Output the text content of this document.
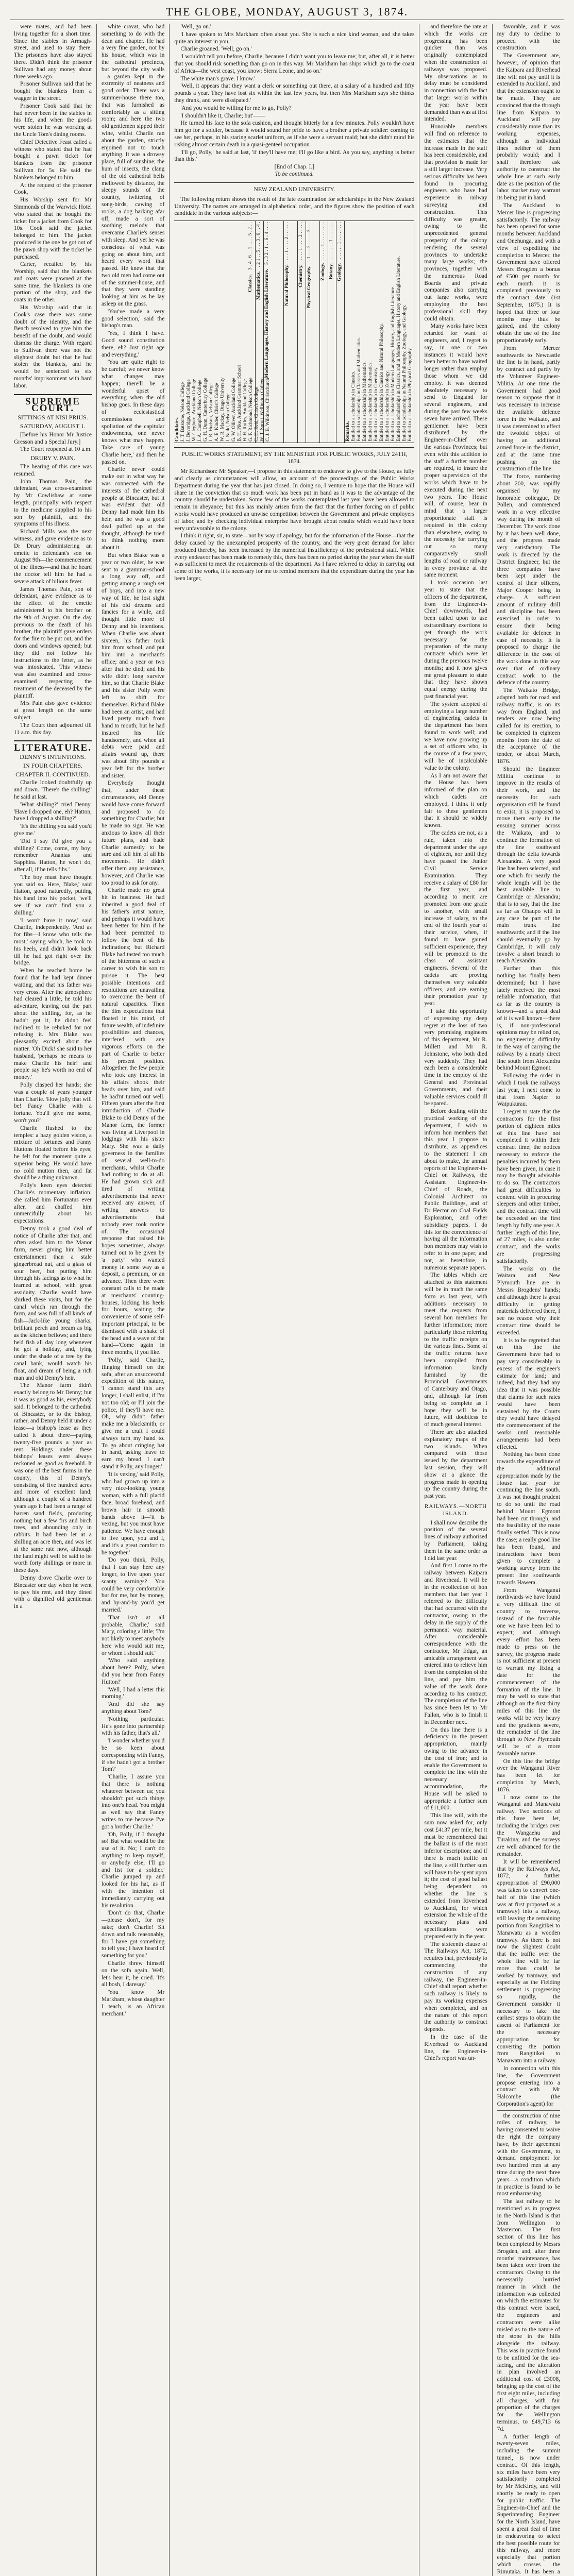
THE GLOBE, MONDAY, AUGUST 3, 1874.

were mates, and had been living together for a short time. Since the stables in Armagh-street, and used to stay there. The prisoners have also stayed there. Didn't think the prisoner Sullivan had any money about three weeks ago.

Prisoner Sullivan said that he bought the blankets from a wagger in the street.

Prisoner Cook said that he had never been in the stables in his life, and when the goods were stolen he was working at the Uncle Tom's dining rooms.

Chief Detective Feast called a witness who stated that he had bought a pawn ticket for blankets from the prisoner Sullivan for 5s. He said the blankets belonged to him.

At the request of the prisoner Cook,

His Worship sent for Mr Simmonds of the Warwick Hotel who stated that he bought the ticket for a jacket from Cook for 10s. Cook said the jacket belonged to him. The jacket produced is the one he got out of the pawn shop with the ticket he purchased.

Carter, recalled by his Worship, said that the blankets and coats were pawned at the same time, the blankets in one portion of the shop, and the coats in the other.

His Worship said that in Cook's case there was some doubt of the identity, and the Bench resolved to give him the benefit of the doubt, and would dismiss the charge. With regard to Sullivan there was not the slightest doubt but that he had stolen the blankets, and he would be sentenced to six months' imprisonment with hard labor.

SUPREME COURT.
SITTINGS AT NISI PRIUS.
SATURDAY, AUGUST 1.

[Before his Honor Mr Justice Gresson and a Special Jury.]

The Court reopened at 10 a.m.

DRURY V. PAIN.

The hearing of this case was resumed.

John Thomas Pain, the defendant, was cross-examined by Mr Cowlishaw at some length, principally with respect to the medicine supplied to his son by plaintiff, and the symptoms of his illness.

Richard Mills was the next witness, and gave evidence as to Dr Drury administering an emetic to defendant's son on August 9th—the commencement of the illness—and that he heard the doctor tell him he had a severe attack of bilious fever.

James Thomas Pain, son of defendant, gave evidence as to the effect of the emetic administered to his brother on the 9th of August. On the day previous to the death of his brother, the plaintiff gave orders for the fire to be put out, and the doors and windows opened; but they did not follow his instructions to the letter, as he was intoxicated. This witness was also examined and cross-examined respecting the treatment of the deceased by the plaintiff.

Mrs Pain also gave evidence at great length on the same subject.

The Court then adjourned till 11 a.m. this day.

LITERATURE.
DENNY'S INTENTIONS.
IN FOUR CHAPTERS.
CHAPTER II. CONTINUED.

Charlie looked doubtfully up and down. 'There's the shilling!' he said at last.

'What shilling?' cried Denny. 'Have I dropped one, eh? Hatton, have I dropped a shilling?'

'It's the shilling you said you'd give me.'

'Did I say I'd give you a shilling? Come, come, my boy; remember Ananias and Sapphira. Hatton, he won't do, after all, if he tells fibs.'

'The boy must have thought you said so. Here, Blake,' said Hatton, good naturedly, putting his hand into his pocket, 'we'll see if we can't find you a shilling.'

'I won't have it now,' said Charlie, independently. 'And as for fibs—I know who tells the most,' saying which, he took to his heels, and didn't look back till he had got right over the bridge.

When he reached home he found that he had kept dinner waiting, and that his father was very cross. After the atmosphere had cleared a little, he told his adventure, leaving out the part about the shilling, for, as he hadn't got it, he didn't feel inclined to be rebuked for not refusing it. Mrs Blake was pleasantly excited about the matter. 'Oh Dick! she said to her husband, 'perhaps he means to make Charlie his heir! and people say he's worth no end of money.'

Polly clasped her hands; she was a couple of years younger than Charlie. 'How jolly that will be! Fancy Charlie with a fortune. You'll give me some, won't you?'

Charlie flushed to the temples: a hazy golden vision, a mixture of fortunes and Fanny Huttons floated before his eyes; he felt for the moment quite a superior being. He would have no cold mutton then, and fat should be a thing unknown.

Polly's keen eyes detected Charlie's momentary inflation; she called him Fortunatus ever after, and chaffed him unmercifully about his expectations.

Denny took a good deal of notice of Charlie after that, and often asked him to the Manor farm, never giving him better entertainment than a stale gingerbread nut, and a glass of sour beer, but putting him through his facings as to what he learned at school, with great assiduity. Charlie would have shirked these visits, but for the canal which ran through the farm, and was full of all kinds of fish—Jack-like young sharks, brilliant perch and bream as big as the kitchen bellows; and there he'd fish all day long whenever he got a holiday, and, lying under the shade of a tree by the canal bank, would watch his float, and dream of being a rich man and old Denny's heir.

The Manor farm didn't exactly belong to Mr Denny; but it was as good as his, everybody said. It belonged to the cathedral of Bincaster, or to the bishop, rather, and Denny held it under a lease—a bishop's lease as they called it about there—paying twenty-five pounds a year as rent. Holdings under these bishops' leases were always reckoned as good as freehold. It was one of the best farms in the county, this of Denny's, consisting of five hundred acres and more of excellent land; although a couple of a hundred years ago it had been a range of barren sand fields, producing nothing but a few firs and birch trees, and abounding only in rabbits. It had been let at a shilling an acre then, and was let at the same rate now, although the land might well be said to be worth forty shillings or more in these days.

Denny drove Charlie over to Bincaster one day when he went to pay his rent, and they dined with a dignified old gentleman in a

white cravat, who had something to do with the dean and chapter. He had a very fine garden, not by his house, which was in the cathedral precincts, but beyond the city walls—a garden kept in the extremity of neatness and good order. There was a summer-house there too, that was furnished as comfortably as a sitting room; and here the two old gentlemen sipped their wine, whilst Charlie ran about the garden, strictly enjoined not to touch anything. It was a drowsy place, full of sunshine; the hum of insects, the clang of the old cathedral bells mellowed by distance, the sleepy sounds of the country, twittering of song-birds, cawing of rooks, a dog barking afar off, made a sort of soothing melody that overcame Charlie's senses with sleep. And yet he was conscious of what was going on about him, and heard every word that passed. He knew that the two old men had come out of the summer-house, and that they were standing looking at him as he lay asleep on the grass.

'You've made a very good selection,' said the bishop's man.

'Yes, I think I have. Good sound constitution there, eh? Just right age and everything.'

'You are quite right to be careful; we never know what changes may happen; there'll be a wonderful upset of everything when the old bishop goes. In these days of ecclesiastical commissions and spoliation of the capitular endowments, one never knows what may happen. Take care of young Charlie here,' and then he passed on.

Charlie never could make out in what way he was connected with the interests of the cathedral people at Bincaster, but it was evident that old Denny had made him his heir, and he was a good deal puffed up at the thought, although he tried to think nothing more about it.

But when Blake was a year or two older, he was sent to a grammar-school a long way off, and getting among a rough set of boys, and into a new way of life, he lost sight of his old dreams and fancies for a while, and thought little more of Denny and his intentions. When Charlie was about sixteen, his father took him from school, and put him into a merchant's office; and a year or two after that he died; and his wife didn't long survive him, so that Charlie Blake and his sister Polly were left to shift for themselves. Richard Blake had been an artist, and had lived pretty much from hand to mouth; but he had insured his life handsomely, and when all debts were paid and affairs wound up, there was about fifty pounds a year left for the brother and sister.

Everybody thought that, under these circumstances, old Denny would have come forward and proposed to do something for Charlie; but he made no sign. He was anxious to know all their future plans, and bade Charlie earnestly to be sure and tell him of all his movements. He didn't offer them any assistance, however, and Charlie was too proud to ask for any.

Charlie made no great hit in business. He had inherited a good deal of his father's artist nature, and perhaps it would have been better for him if he had been permitted to follow the bent of his inclinations; but Richard Blake had tasted too much of the bitterness of such a career to wish his son to pursue it. The best possible intentions and resolutions are unavailing to overcome the bent of natural capacities. Then the dim expectations that floated in his mind, of future wealth, of indefinite possibilities and chances, interfered with any vigorous efforts on the part of Charlie to better his present position. Altogether, the few people who took any interest in his affairs shook their heads over him, and said he had'nt turned out well. Fifteen years after the first introduction of Charlie Blake to old Denny of the Manor farm, the former was living at Liverpool in lodgings with his sister Mary. She was a daily governess in the families of several well-to-do merchants, whilst Charlie had nothing to do at all. He had grown sick and tired of writing advertisements that never received any answer, of writing answers to advertisements that nobody ever took notice of. The occasional response that raised his hopes sometimes, always turned out to be given by 'a party' who wanted money in some way as a deposit, a premium, or an advance. Then there were constant calls to be made at merchants' counting-houses, kicking his heels for hours, waiting the convenience of some self-important principal, to be dismissed with a shake of the head and a wave of the hand—'Come again in three months, if you like.'

'Polly,' said Charlie, flinging himself on the sofa, after an unsuccessful expedition of this nature, 'I cannot stand this any longer, I shall enlist, if I'm not too old; or I'll join the police, if they'll have me. Oh, why didn't father make me a blacksmith, or give me a craft I could always turn my hand to. To go about cringing hat in hand, asking leave to earn my bread. I can't stand it Polly, any longer.'

'It is vexing,' said Polly, who had grown up into a very nice-looking young woman, with a full placid face, broad forehead, and brown hair in smooth bands above it—'it is vexing, but you must have patience. We have enough to live upon, you and I, and it's a great comfort to be together.'

'Do you think, Polly, that I can stay here any longer, to live upon your scanty earnings? You could be very comfortable but for me, but by money, and by-and-by you'd get married.'

'That isn't at all probable, Charlie,' said Mary, coloring a little; 'I'm not likely to meet anybody here who would suit me, or whom I should suit.'

'Who said anything about here? Polly, when did you hear from Fanny Hutton?'

'Well, I had a letter this morning.'

'And did she say anything about Tom?'

'Nothing particular. He's gone into partnership with his father, that's all.'

'I wonder whether you'd be so keen about corresponding with Fanny, if she hadn't got a brother Tom?'

'Charlie, I assure you that there is nothing whatever between us; you shouldn't put such things into one's head. You might as well say that Fanny writes to me because I've got a brother Charlie.'

'Oh, Polly, if I thought so! But what would be the use of it. No; I can't do anything to keep myself, or anybody else; I'll go and list for a soldier.' Charlie jumped up and looked for his hat, as if with the intention of immediately carrying out his resolution.

'Don't do that, Charlie—please don't, for my sake; don't Charlie! Sit down and talk reasonably, for I have got something to tell you; I have heard of something for you.'

Charlie threw himself on the sofa again. Well, let's hear it, he cried. 'It's all bosh, I daresay.'

'You know Mr Markham, whose daughter I teach, is an African merchant.'

'Well, go on.'

'I have spoken to Mrs Markham often about you. She is such a nice kind woman, and she takes quite an interest in you.'

Charlie groaned. 'Well, go on.'

'I wouldn't tell you before, Charlie, because I didn't want you to leave me; but, after all, it is better that you should risk something than go on in this way. Mr Markham has ships which go to the coast of Africa—the west coast, you know; Sierra Leone, and so on.'

The white man's grave. I know.'

'Well, it appears that they want a clerk or something out there, at a salary of a hundred and fifty pounds a year. They have lost six within the last few years, but then Mrs Markham says she thinks they drank, and were dissipated.'

'And you would be willing for me to go, Polly?'

'I shouldn't like it, Charlie; but'——

He turned his face to the sofa cushion, and thought bitterly for a few minutes. Polly wouldn't have him go for a soldier, because it would sound her pride to have a brother a private soldier: coming to see her, perhaps, in his staring scarlet uniform, as if she were a servant maid; but she didn't mind his risking almost certain death in a quasi-genteel occupation.

'I'll go, Polly,' he said at last, 'if they'll have me; I'll go like a bird. As you say, anything is better than this.'

[End of Chap. I.]
To be continued.
NEW ZEALAND UNIVERSITY.

The following return shows the result of the late examination for scholarships in the New Zealand University. The names are arranged in alphabetical order, and the figures show the position of each candidate in the various subjects:—

Candidates. J. T. Batstone, Nelson College J. Beveridge, Auckland College M. Cleghorn, Auckland College J. A. Campbell, Nelson College G. H. Dunn, Canterbury College J. B. Hudson, Nelson College A. E. Kinder, Christ's College W. R. Mackay, Otago University J. Neild, Nelson College G. W. Olliver, Auckland College B. H. Pike, Auckland Grammar School H. H. Rutley, Auckland College G. F. Richmond, Nelson College C. H. Reid, Christ's College W. T. Sprott, Wellington College C. J. B. Wilkinson, Christchurch
Classics. 3 . 4 . 6 . . 1 . . . . 5 . 2 . .
Mathematics. . 2 1 . . 5 . . . 3 . 6 . . 4 .
Modern Languages, History and English Literature. 5 . 3 2 . 1 . . 6 . 4 . . . .
Natural Philosophy. . . . 1 . . . . 2 . . . . . .
Chemistry. . . . . 1 . . . . 2 . . . . .
Physical Geography. . 1 . . . 2 . . . . . 3 . . .
Zoology. . . . . . 1 . . . . . . . . .
Botany. . . . . . . . 1 . . . . . . .
Geology. . . . . . . 1 . . . . . . . .
Remarks. Entitled to a scholarship in Classics. Entitled to scholarships in Classics and Mathematics. Entitled to a scholarship in Mathematics. Entitled to a scholarship in Mathematics. Entitled to a scholarship in Chemistry. Entitled to a scholarship in Classics and Natural Philosophy. Entitled to a scholarship in Zoology. Entitled to a scholarship in Modern Languages, History, and English Literature. Entitled to scholarships in Classics, and in Modern Languages, History and English Literature. Entitled to scholarships in Natural Philosophy, Zoology, and Geology. Entitled to a scholarship in Physical Geography.
PUBLIC WORKS STATEMENT, BY THE MINISTER FOR PUBLIC WORKS, JULY 24TH, 1874.

Mr Richardson: Mr Speaker,—I propose in this statement to endeavor to give to the House, as fully and clearly as circumstances will allow, an account of the proceedings of the Public Works Department during the year that has just closed. In doing so, I venture to hope that the House will share in the conviction that so much work has been put in hand as it was to the advantage of the country should be undertaken. Some few of the works contemplated last year have been allowed to remain in abeyance; but this has mainly arisen from the fact that the further forcing on of public works would have produced an unwise competition between the Government and private employers of labor, and by checking individual enterprise have brought about results which would have been very unfavorable to the colony.

I think it right, sir, to state—not by way of apology, but for the information of the House—that the delay caused by the unexampled prosperity of the country, and the very great demand for labor produced thereby, has been increased by the numerical insufficiency of the professional staff. While every endeavor has been made to remedy this, there has been no period during the year when the staff was sufficient to meet the requirements of the department. As I have referred to delay in carrying out some of the works, it is necessary for me to remind members that the expenditure during the year has been larger,

and therefore the rate at which the works are progressing has been quicker than was originally contemplated when the construction of railways was proposed. My observations as to delay must be considered in connection with the fact that larger works within the year have been demanded than was at first intended.

Honorable members will find on reference to the estimates that the increase made in the staff has been considerable, and that provision is made for a still larger increase. Very serious difficulty has been found in procuring engineers who have had experience in railway surveying and construction. This difficulty was greater, owing to the unprecedented general prosperity of the colony rendering the several provinces to undertake many large works; the provinces, together with the numerous Road Boards and private companies also carrying out large works, were employing the best professional skill they could obtain.

Many works have been retarded for want of engineers, and, I regret to say, in one or two instances it would have been better to have waited longer rather than employ those whom we did employ. It was deemed absolutely necessary to send to England for several engineers, and during the past few weeks seven have arrived. These gentlemen have been distributed by the Engineer-in-Chief over the various Provinces; but even with this addition to the staff a further number are required, to insure the proper supervision of the works which have to be executed during the next two years. The House will, of course, bear in mind that a larger proportionate staff is required in this colony than elsewhere, owing to the necessity for carrying out so many comparatively small lengths of road or railway in every province at the same moment.

I took occasion last year to state that the officers of the department, from the Engineer-in-Chief downwards, had been called upon to use extraordinary exertions to get through the work necessary for the preparation of the many contracts which were let during the previous twelve months; and it now gives me great pleasure to state that they have shown equal energy during the past financial year.

The system adopted of employing a large number of engineering cadets in the department has been found to work well; and we have now growing up a set of officers who, in the course of a few years, will be of incalculable value to the colony.

As I am not aware that the House has been informed of the plan on which cadets are employed, I think it only fair to these gentlemen that it should be widely known.

The cadets are not, as a rule, taken into the department under the age of eighteen, nor until they have passed the Junior Civil Service Examination. They receive a salary of £80 for the first year, and according to merit are promoted from one grade to another, with small increase of salary, to the end of the fourth year of their service, when, if found to have gained sufficient experience, they will be promoted to the class of assistant engineers. Several of the cadets are proving themselves very valuable officers, and are earning their promotion year by year.

I take this opportunity of expressing my deep regret at the loss of two very promising engineers of this department, Mr R. Millett and Mr R. Johnstone, who both died very suddenly. They had each been a considerable time in the employ of the General and Provincial Governments, and their valuable services could ill be spared.

Before dealing with the practical working of the department, I wish to inform hon members that this year I propose to distribute, as appendices to the statement I am about to make, the annual reports of the Engineer-in-Chief on Railways, the Assistant Engineer-in-Chief of Roads, the Colonial Architect on Public Buildings, and of Dr Hector on Coal Fields Exploration, and other subsidiary papers. I do this for the convenience of having all the information hon members may wish to refer to in one paper, and not, as heretofore, in numerous separate papers.

The tables which are attached to this statement will be in much the same form as last year, with additions necessary to meet the requests from several hon members for further information; more particularly those referring to the traffic receipts on the various lines. Some of the traffic returns have been compiled from information kindly furnished by the Provincial Governments of Canterbury and Otago, and, although far from being so complete as I hope they will be in future, will doubtless be of much general interest.

There are also attached explanatory maps of the two islands. When compared with those issued by the department last session, they will show at a glance the progress made in opening up the country during the past year.

RAILWAYS.—NORTH ISLAND.

I shall now describe the position of the several lines of railway authorised by Parliament, taking them in the same order as I did last year.

And first I come to the railway between Kaipara and Riverhead. It will be in the recollection of hon members that last year I referred to the difficulty that had occurred with the contractor, owing to the delay in the supply of the permanent way material. After considerable correspondence with the contractor, Mr Edgar, an amicable arrangement was entered into to relieve him from the completion of the line, and pay him the value of the work done according to his contract. The completion of the line has since been let to Mr Fallon, who is to finish it in December next.

On this line there is a deficiency in the present appropriation, mainly owing to the advance in the cost of iron; and to enable the Government to complete the line with the necessary accommodation, the House will be asked to appropriate a further sum of £11,000.

This line will, with the sum now asked for, only cost £4137 per mile, but it must be remembered that the ballast is of the most inferior description; and if there is much traffic on the line, a still further sum will have to be spent upon it; the cost of good ballast being dependent on whether the line is extended from Riverhead to Auckland, for which extension the whole of the necessary plans and specifications were prepared early in the year.

The sixteenth clause of The Railways Act, 1872, requires that, previously to commencing the construction of any railway, the Engineer-in-Chief shall report whether such railway is likely to pay its working expenses when completed, and on the nature of this report the authority to construct depends.

In the case of the Riverhead to Auckland line, the Engineer-in-Chief's report was un-

favorable, and it was my duty to decline to proceed with the construction.

The Government are, however, of opinion that the Kaipara and Riverhead line will not pay until it is extended to Auckland, and that the extension ought to be made. They are convinced that the through line from Kaipara to Auckland will pay considerably more than its working expenses, although as individual lines neither of them probably would; and I shall therefore ask authority to construct the whole line at such early date as the position of the labor market may warrant its being put in hand.

The Auckland to Mercer line is progressing satisfactorily. The railway has been opened for some months between Auckland and Onehunga, and with a view of expediting the completion to Mercer, the Government have offered Messrs Brogden a bonus of £500 per month for each month it is completed previously to the contract date (1st September, 1875.) It is hoped that three or four months may thus be gained, and the colony obtain the use of the line proportionately early.

From Mercer southwards to Newcastle the line is in hand, partly by contract and partly by the Volunteer Engineer-Militia. At one time the Government had good reason to suppose that it was necessary to increase the available defence force in the Waikato, and it was determined to effect the twofold object of having an additional armed force in the district, and at the same time pushing on the construction of the line.

The force, numbering about 200, was rapidly organised by my honorable colleague, Dr Pollen, and commenced work in a very effective way during the month of December. The work done by it has been well done, and the progress made very satisfactory. The work is directed by the District Engineer, but the three companies have been kept under the control of their officers, Major Cooper being in charge. A sufficient amount of military drill and discipline has been exercised in order to ensure their being available for defence in case of necessity. It is proposed to charge the difference in the cost of the work done in this way over that of ordinary contract work to the defence of the country.

The Waikato Bridge, adapted both for road and railway traffic, is on its way from England, and tenders are now being called for its erection, to be completed in eighteen months from the date of the acceptance of the tender, or about March, 1876.

Should the Engineer Militia continue to improve in the results of their work, and the necessity for such organisation still be found to exist, it is proposed to move them early in the ensuing summer across the Waikato, and to continue the formation of the line southward through the delta towards Alexandra. A very good line has been selected, and one which for nearly the whole length will be the best available line to Cambridge or Alexandra; that is to say, that the line as far as Ohaupo will in any case be part of the main trunk line southwards; and if the line should eventually go by Cambridge, it will only involve a short branch to reach Alexandra.

Further than this nothing has finally been determined; but I have lately received the most reliable information, that as far as the country is known—and a great deal of it is well known—there is, if non-professional opinions may be relied on, no engineering difficulty in the way of carrying the railway by a nearly direct line south from Alexandra behind Mount Egmont.

Following the order in which I took the railways last year, I next come to that from Napier to Waipukurau.

I regret to state that the contractors for the first portion of eighteen miles of this line have not completed it within their contract time; the notices necessary to enforce the penalties incurred by them have been given, in case it may be thought advisable to do so. The contractors had great difficulties to contend with in procuring sleepers and other timber, and the contract time will be exceeded on the first length by fully one year. A further length of this line, of 27 miles, is also under contract, and the works are progressing satisfactorily.

The works on the Waitara and New Plymouth line are in Messrs Brogdens' hands; and although there is great difficulty in getting materials delivered there, I see no reason why their contract time should be exceeded.

It is to be regretted that on this line the Government have had to pay very considerably in excess of the engineer's estimate for land; and indeed, had they had any idea that it was possible that claims for such rates would have been sustained by the Courts they would have delayed the commencement of the works until reasonable arrangements had been effected.

Nothing has been done towards the expenditure of the additional appropriation made by the House last year for continuing the line south. It was not thought prudent to do so until the road behind Mount Egmont had been cut through, and the feasibility of the route finally settled. This is now the case; a really good line has been found, and instructions have been given to complete a working survey from the present line southwards towards Hawera.

From Wanganui northwards we have found a very difficult line of country to traverse, instead of the favorable one we have been led to expect; and although every effort has been made to press on the survey, the progress made is not sufficient at present to warrant my fixing a date for the commencement of the formation of the line. It may be well to state that although on the first thirty miles of this line the works will be very heavy and the gradients severe, the remainder of the line through to New Plymouth will be of a more favorable nature.

On this line the bridge over the Wanganui River has been let for completion by March, 1876.

I now come to the Wanganui and Manawatu railway. Two sections of this have been let, including the bridges over the Wangaehu and Turakina; and the surveys are well advanced for the remainder.

It will be remembered that by the Railways Act, 1872, a further appropriation of £90,000 was taken to convert one-half of this line (which was at first proposed as a tramway) into a railway, still leaving the remaining portion from Rangitikei to Manawatu as a wooden tramway. As there is not now the slightest doubt that the traffic over the whole line will be far more than could be worked by tramway, and especially as the Fielding settlement is progressing so rapidly, the Government consider it necessary to take the earliest steps to obtain the assent of Parliament for the necessary appropriation for converting the portion from Rangitikei to Manawatu into a railway.

In connection with this line, the Government propose entering into a contract with Mr Halcombe (the Corporation's agent) for

the construction of nine miles of railway, he having consented to waive the right the company have, by their agreement with the Government, to demand employment for two hundred men at any time during the next three years—a condition which in practice is found to be most embarrassing.

The last railway to be mentioned as in progress in the North Island is that from Wellington to Masterton. The first section of this line has been completed by Messrs Brogden, and, after three months' maintenance, has been taken over from the contractors. Owing to the necessarily hurried manner in which the information was collected on which the estimates for this contract were based, the engineers and contractors were alike misled as to the nature of the stone in the hills alongside the railway. This was in practice found to be unfitted for the sea-facing, and the alteration in plan involved an additional cost of £3008, bringing up the cost of the first eight miles, including all charges, with fair proportion of the charges for the Wellington terminus, to £49,713 6s 7d.

A further length of twenty-seven miles, including the summit tunnel, is now under contract. Of this length, six miles have been very satisfactorily completed by Mr McKirdy, and will shortly be ready to open for public traffic. The Engineer-in-Chief and the Superintending Engineer for the North Island, have spent a great deal of time in endeavoring to select the best possible route for this railway, and more especially that portion which crosses the Rimutaka. It has been a
